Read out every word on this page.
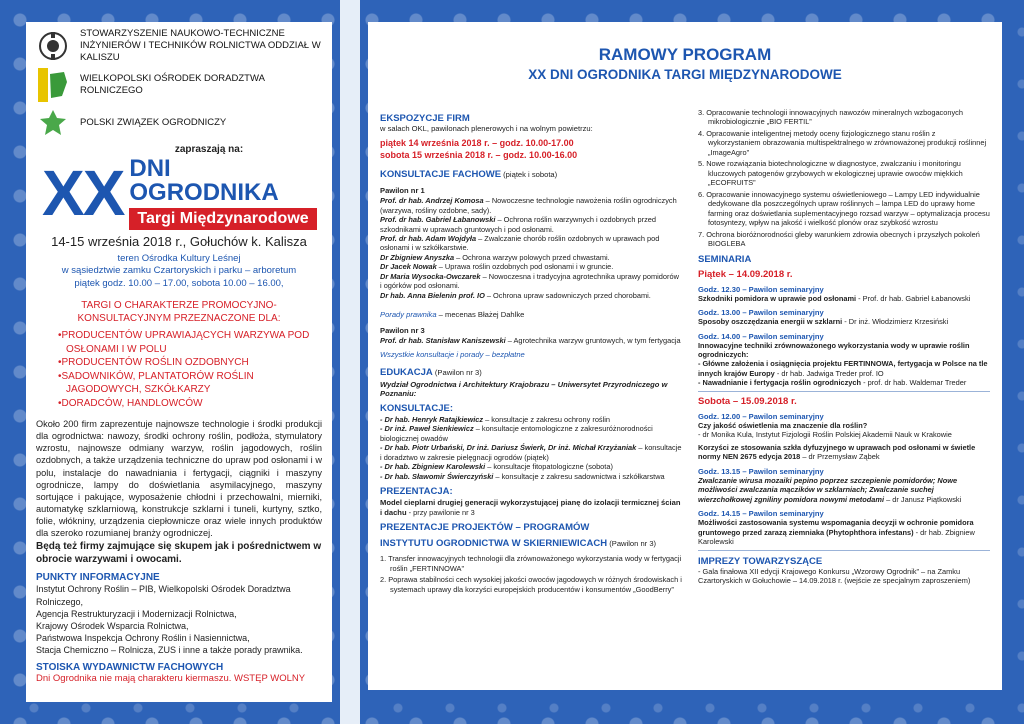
STOWARZYSZENIE NAUKOWO-TECHNICZNE INŻYNIERÓW I TECHNIKÓW ROLNICTWA ODDZIAŁ W KALISZU
WIELKOPOLSKI OŚRODEK DORADZTWA ROLNICZEGO
POLSKI ZWIĄZEK OGRODNICZY
zapraszają na:
XX DNI OGRODNIKA
Targi Międzynarodowe
14-15 września 2018 r., Gołuchów k. Kalisza
teren Ośrodka Kultury Leśnej
w sąsiedztwie zamku Czartoryskich i parku – arboretum
piątek godz. 10.00 – 17.00, sobota 10.00 – 16.00,
TARGI O CHARAKTERZE PROMOCYJNO-KONSULTACYJNYM PRZEZNACZONE DLA:
•PRODUCENTÓW UPRAWIAJĄCYCH WARZYWA POD OSŁONAMI I W POLU
•PRODUCENTÓW ROŚLIN OZDOBNYCH
•SADOWNIKÓW, PLANTATORÓW ROŚLIN JAGODOWYCH, SZKÓŁKARZY
•DORADCÓW, HANDLOWCÓW
Około 200 firm zaprezentuje najnowsze technologie i środki produkcji dla ogrodnictwa: nawozy, środki ochrony roślin, podłoża, stymulatory wzrostu, najnowsze odmiany warzyw, roślin jagodowych, roślin ozdobnych, a także urządzenia techniczne do upraw pod osłonami i w polu, instalacje do nawadniania i fertygacji, ciągniki i maszyny ogrodnicze, lampy do doświetlania asymilacyjnego, maszyny sortujące i pakujące, wyposażenie chłodni i przechowalni, mierniki, automatykę szklarniową, konstrukcje szklarni i tuneli, kurtyny, sztko, folie, włókniny, urządzenia ciepłownicze oraz wiele innych produktów dla szeroko rozumianej branży ogrodniczej.
Będą też firmy zajmujące się skupem jak i pośrednictwem w obrocie warzywami i owocami.
PUNKTY INFORMACYJNE
Instytut Ochrony Roślin – PIB, Wielkopolski Ośrodek Doradztwa Rolniczego,
Agencja Restrukturyzacji i Modernizacji Rolnictwa,
Krajowy Ośrodek Wsparcia Rolnictwa,
Państwowa Inspekcja Ochrony Roślin i Nasiennictwa,
Stacja Chemiczno – Rolnicza, ZUS i inne a także porady prawnika.
STOISKA WYDAWNICTW FACHOWYCH
Dni Ogrodnika nie mają charakteru kiermaszu. WSTĘP WOLNY
RAMOWY PROGRAM
XX DNI OGRODNIKA TARGI MIĘDZYNARODOWE
EKSPOZYCJE FIRM
w salach OKL, pawilonach plenerowych i na wolnym powietrzu:
piątek 14 września 2018 r. – godz. 10.00-17.00
sobota 15 września 2018 r. – godz. 10.00-16.00
KONSULTACJE FACHOWE (piątek i sobota)
Pawilon nr 1
Prof. dr hab. Andrzej Komosa – Nowoczesne technologie nawożenia roślin ogrodniczych (warzywa, rośliny ozdobne, sady).
Prof. dr hab. Gabriel Łabanowski – Ochrona roślin warzywnych i ozdobnych przed szkodnikami w uprawach gruntowych i pod osłonami.
Prof. dr hab. Adam Wojdyła – Zwalczanie chorób roślin ozdobnych w uprawach pod osłonami i w szkółkarstwie.
Dr Zbigniew Anyszka – Ochrona warzyw polowych przed chwastami.
Dr Jacek Nowak – Uprawa roślin ozdobnych pod osłonami i w gruncie.
Dr Maria Wysocka-Owczarek – Nowoczesna i tradycyjna agrotechnika uprawy pomidorów i ogórków pod osłonami.
Dr hab. Anna Bielenin prof. IO – Ochrona upraw sadowniczych przed chorobami.
Porady prawnika – mecenas Błażej Dahlke
Pawilon nr 3
Prof. dr hab. Stanisław Kaniszewski – Agrotechnika warzyw gruntowych, w tym fertygacja
Wszystkie konsultacje i porady – bezpłatne
EDUKACJA (Pawilon nr 3)
Wydział Ogrodnictwa i Architektury Krajobrazu – Uniwersytet Przyrodniczego w Poznaniu:
KONSULTACJE:
- Dr hab. Henryk Ratajkiewicz – konsultacje z zakresu ochrony roślin
- Dr inż. Paweł Sienkiewicz – konsultacje entomologiczne z zakresuróżnorodności biologicznej owadów
- Dr hab. Piotr Urbański, Dr inż. Dariusz Świerk, Dr inż. Michał Krzyżaniak – konsultacje i doradztwo w zakresie pielęgnacji ogrodów (piątek)
- Dr hab. Zbigniew Karolewski – konsultacje fitopatologiczne (sobota)
- Dr hab. Sławomir Świerczyński – konsultacje z zakresu sadownictwa i szkółkarstwa
PREZENTACJA:
Model cieplarni drugiej generacji wykorzystującej pianę do izolacji termicznej ścian i dachu - przy pawilonie nr 3
PREZENTACJE PROJEKTÓW – PROGRAMÓW
INSTYTUTU OGRODNICTWA W SKIERNIEWICACH (Pawilon nr 3)
1. Transfer innowacyjnych technologii dla zrównoważonego wykorzystania wody w fertygacji roślin „FERTINNOWA”
2. Poprawa stabilności cech wysokiej jakości owoców jagodowych w różnych środowiskach i systemach uprawy dla korzyści europejskich producentów i konsumentów „GoodBerry”
3. Opracowanie technologii innowacyjnych nawozów mineralnych wzbogaconych mikrobiologicznie „BIO FERTIL”
4. Opracowanie inteligentnej metody oceny fizjologicznego stanu roślin z wykorzystaniem obrazowania multispektralnego w zrównoważonej produkcji roślinnej „ImageAgro”
5. Nowe rozwiązania biotechnologiczne w diagnostyce, zwalczaniu i monitoringu kluczowych patogenów grzybowych w ekologicznej uprawie owoców miękkich „ECOFRUITS”
6. Opracowanie innowacyjnego systemu oświetleniowego – Lampy LED indywidualnie dedykowane dla poszczególnych upraw roślinnych – lampa LED do uprawy home farming oraz doświetlania suplementacyjnego rozsad warzyw – optymalizacja procesu fotosyntezy, wpływ na jakość i wielkość plonów oraz szybkość wzrostu
7. Ochrona bioróżnorodności gleby warunkiem zdrowia obecnych i przyszłych pokoleń BIOGLEBA
SEMINARIA
Piątek – 14.09.2018 r.
Godz. 12.30 – Pawilon seminaryjny
Szkodniki pomidora w uprawie pod osłonami - Prof. dr hab. Gabriel Łabanowski
Godz. 13.00 – Pawilon seminaryjny
Sposoby oszczędzania energii w szklarni - Dr inż. Włodzimierz Krzesiński
Godz. 14.00 – Pawilon seminaryjny
Innowacyjne techniki zrównoważonego wykorzystania wody w uprawie roślin ogrodniczych:
- Główne założenia i osiągnięcia projektu FERTINNOWA, fertygacja w Polsce na tle innych krajów Europy - dr hab. Jadwiga Treder prof. IO
- Nawadnianie i fertygacja roślin ogrodniczych - prof. dr hab. Waldemar Treder
Sobota – 15.09.2018 r.
Godz. 12.00 – Pawilon seminaryjny
Czy jakość oświetlenia ma znaczenie dla roślin?
- dr Monika Kula, Instytut Fizjologii Roślin Polskiej Akademii Nauk w Krakowie
Korzyści ze stosowania szkła dyfuzyjnego w uprawach pod osłonami w świetle normy NEN 2675 edycja 2018 – dr Przemysław Ząbek
Godz. 13.15 – Pawilon seminaryjny
Zwalczanie wirusa mozaiki pepino poprzez szczepienie pomidorów; Nowe możliwości zwalczania mączików w szklarniach; Zwalczanie suchej wierzchołkowej zgniliny pomidora nowymi metodami – dr Janusz Piątkowski
Godz. 14.15 – Pawilon seminaryjny
Możliwości zastosowania systemu wspomagania decyzji w ochronie pomidora gruntowego przed zarazą ziemniaka (Phytophthora infestans) - dr hab. Zbigniew Karolewski
IMPREZY TOWARZYSZĄCE
- Gala finałowa XII edycji Krajowego Konkursu „Wzorowy Ogrodnik” – na Zamku Czartoryskich w Gołuchowie – 14.09.2018 r. (wejście ze specjalnym zaproszeniem)
